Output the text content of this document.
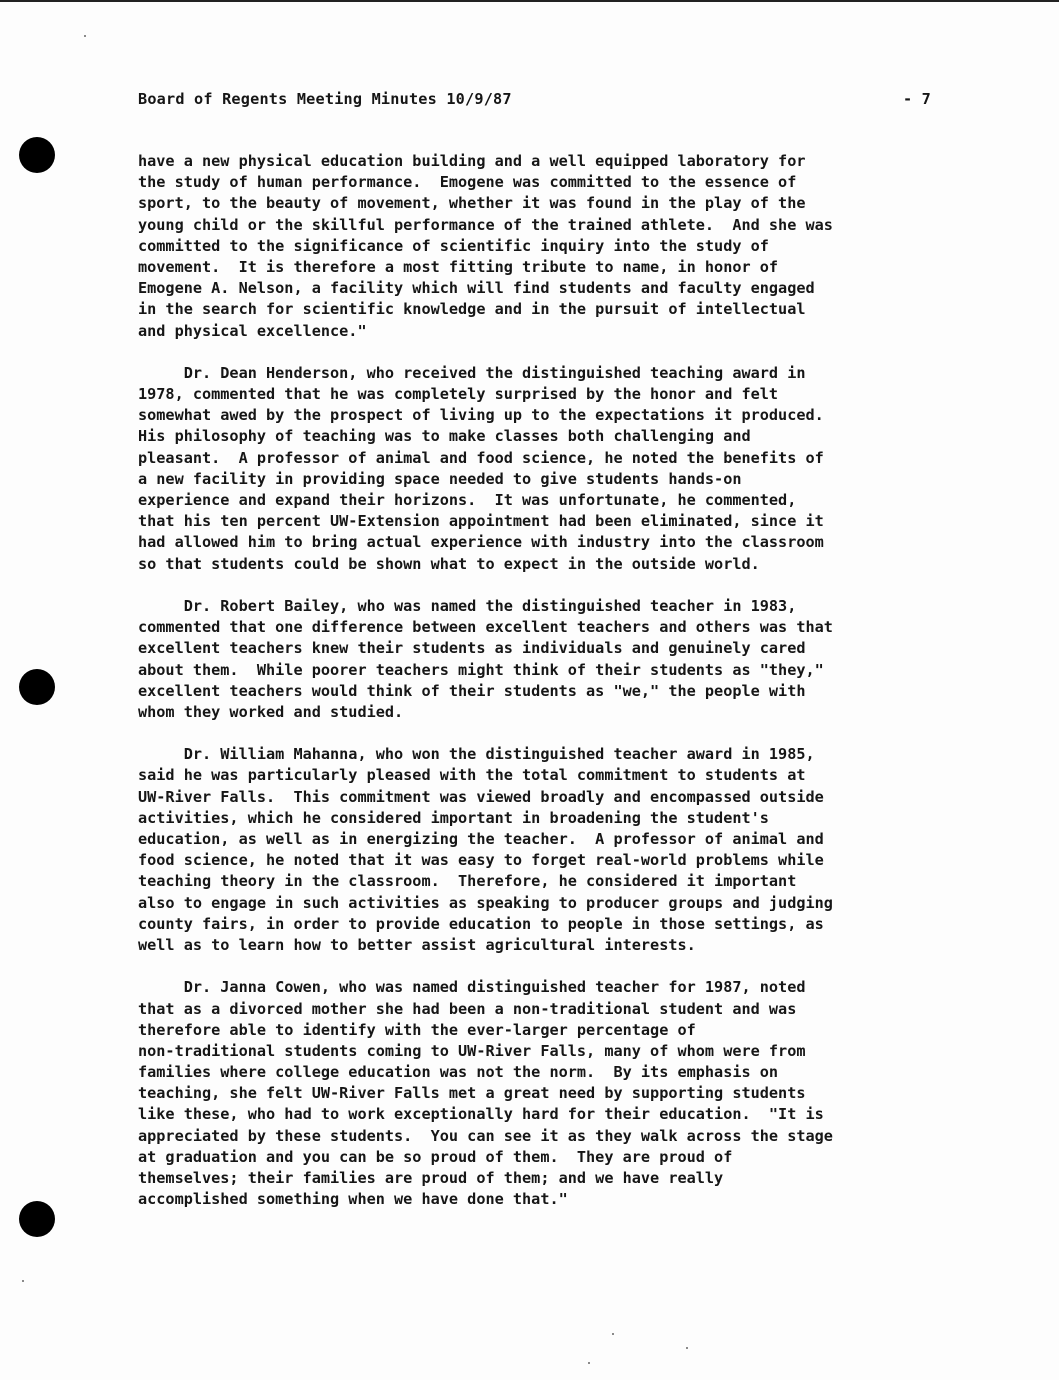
Board of Regents Meeting Minutes 10/9/87	- 7
have a new physical education building and a well equipped laboratory for
the study of human performance.  Emogene was committed to the essence of
sport, to the beauty of movement, whether it was found in the play of the
young child or the skillful performance of the trained athlete.  And she was
committed to the significance of scientific inquiry into the study of
movement.  It is therefore a most fitting tribute to name, in honor of
Emogene A. Nelson, a facility which will find students and faculty engaged
in the search for scientific knowledge and in the pursuit of intellectual
and physical excellence."
Dr. Dean Henderson, who received the distinguished teaching award in
1978, commented that he was completely surprised by the honor and felt
somewhat awed by the prospect of living up to the expectations it produced.
His philosophy of teaching was to make classes both challenging and
pleasant.  A professor of animal and food science, he noted the benefits of
a new facility in providing space needed to give students hands-on
experience and expand their horizons.  It was unfortunate, he commented,
that his ten percent UW-Extension appointment had been eliminated, since it
had allowed him to bring actual experience with industry into the classroom
so that students could be shown what to expect in the outside world.
Dr. Robert Bailey, who was named the distinguished teacher in 1983,
commented that one difference between excellent teachers and others was that
excellent teachers knew their students as individuals and genuinely cared
about them.  While poorer teachers might think of their students as "they,"
excellent teachers would think of their students as "we," the people with
whom they worked and studied.
Dr. William Mahanna, who won the distinguished teacher award in 1985,
said he was particularly pleased with the total commitment to students at
UW-River Falls.  This commitment was viewed broadly and encompassed outside
activities, which he considered important in broadening the student's
education, as well as in energizing the teacher.  A professor of animal and
food science, he noted that it was easy to forget real-world problems while
teaching theory in the classroom.  Therefore, he considered it important
also to engage in such activities as speaking to producer groups and judging
county fairs, in order to provide education to people in those settings, as
well as to learn how to better assist agricultural interests.
Dr. Janna Cowen, who was named distinguished teacher for 1987, noted
that as a divorced mother she had been a non-traditional student and was
therefore able to identify with the ever-larger percentage of
non-traditional students coming to UW-River Falls, many of whom were from
families where college education was not the norm.  By its emphasis on
teaching, she felt UW-River Falls met a great need by supporting students
like these, who had to work exceptionally hard for their education.  "It is
appreciated by these students.  You can see it as they walk across the stage
at graduation and you can be so proud of them.  They are proud of
themselves; their families are proud of them; and we have really
accomplished something when we have done that."
